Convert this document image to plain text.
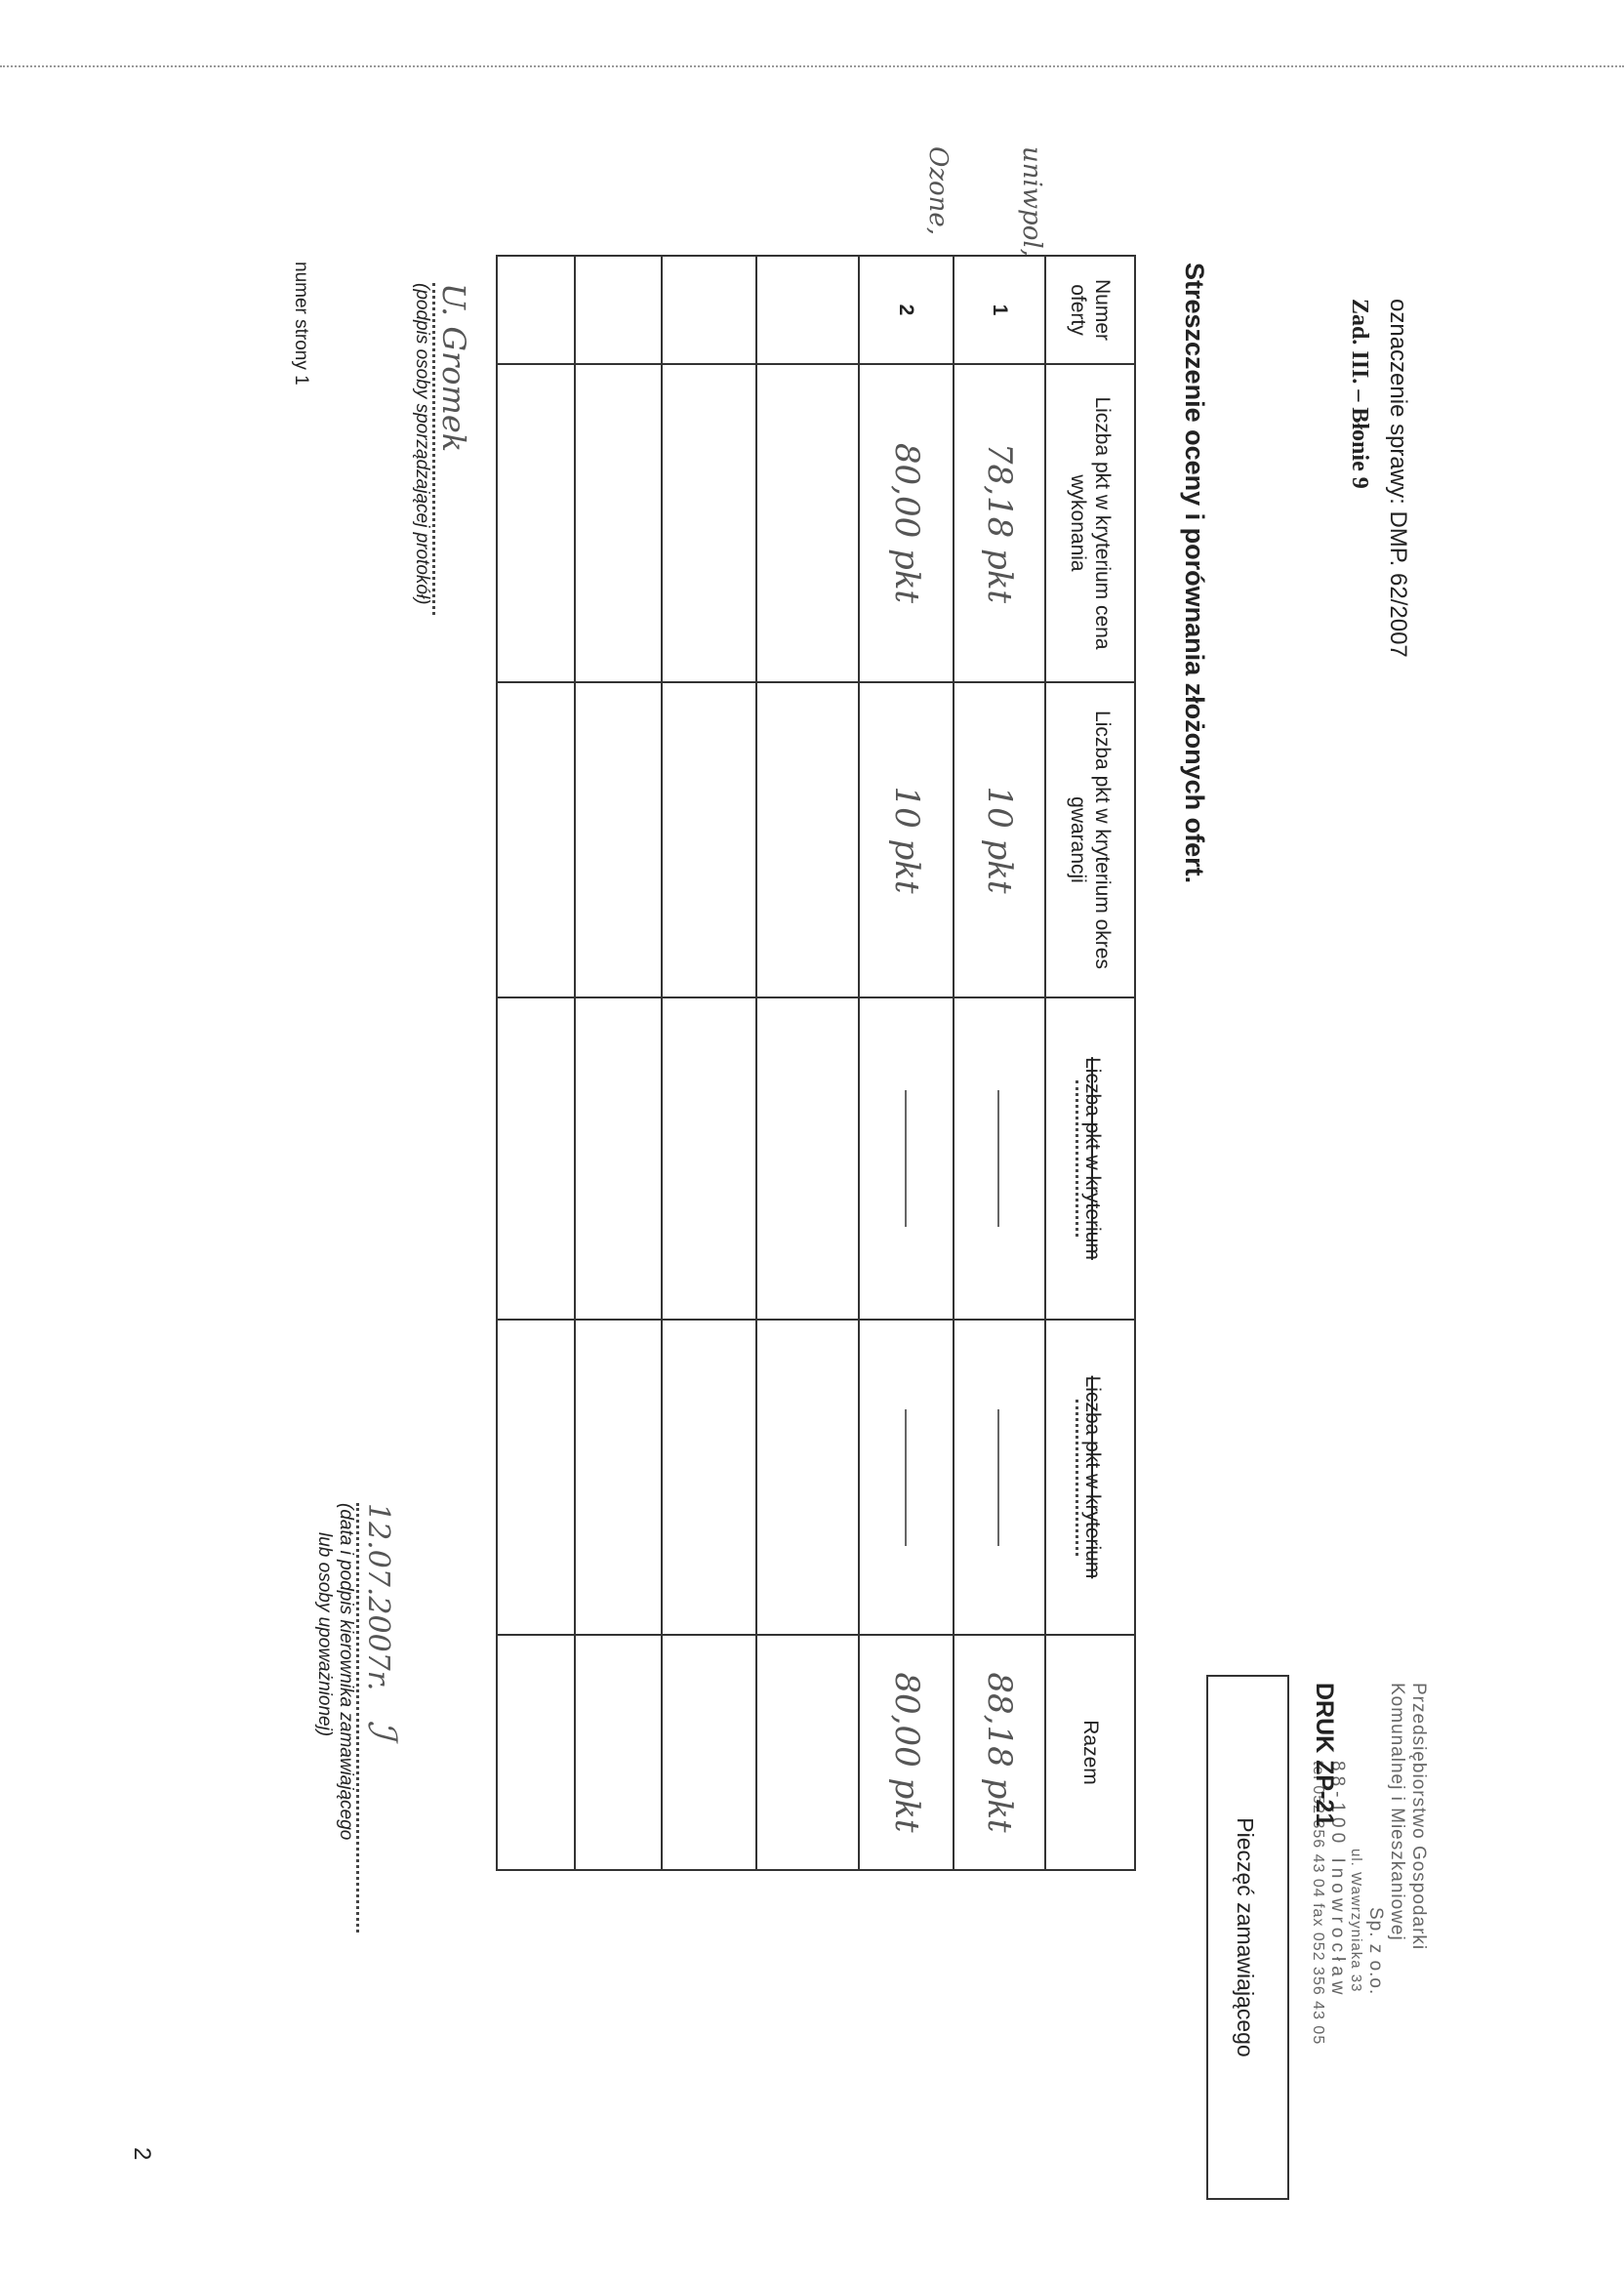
oznaczenie sprawy: DMP. 62/2007
Zad. III. – Błonie 9
Streszczenie oceny i porównania złożonych ofert.
Przedsiębiorstwo Gospodarki
Komunalnej i Mieszkaniowej
Sp. z o.o.
ul. Wawrzyniaka 33
88-100 Inowrocław
tel 052 356 43 04 fax 052 356 43 05
DRUK ZP-21
Pieczęć zamawiającego
uniwpol,
Ozone,
Numer oferty	Liczba pkt w kryterium cena wykonania	Liczba pkt w kryterium okres gwarancji	Liczba pkt w kryterium	Liczba pkt w kryterium	Razem
1	78,18 pkt	10 pkt			88,18 pkt
2	80,00 pkt	10 pkt			80,00 pkt

U. Gromek
(podpis osoby sporządzającej protokół)
numer strony 1
12.07.2007r.ℐ
(data i podpis kierownika zamawiającego
lub osoby upoważnionej)
2
